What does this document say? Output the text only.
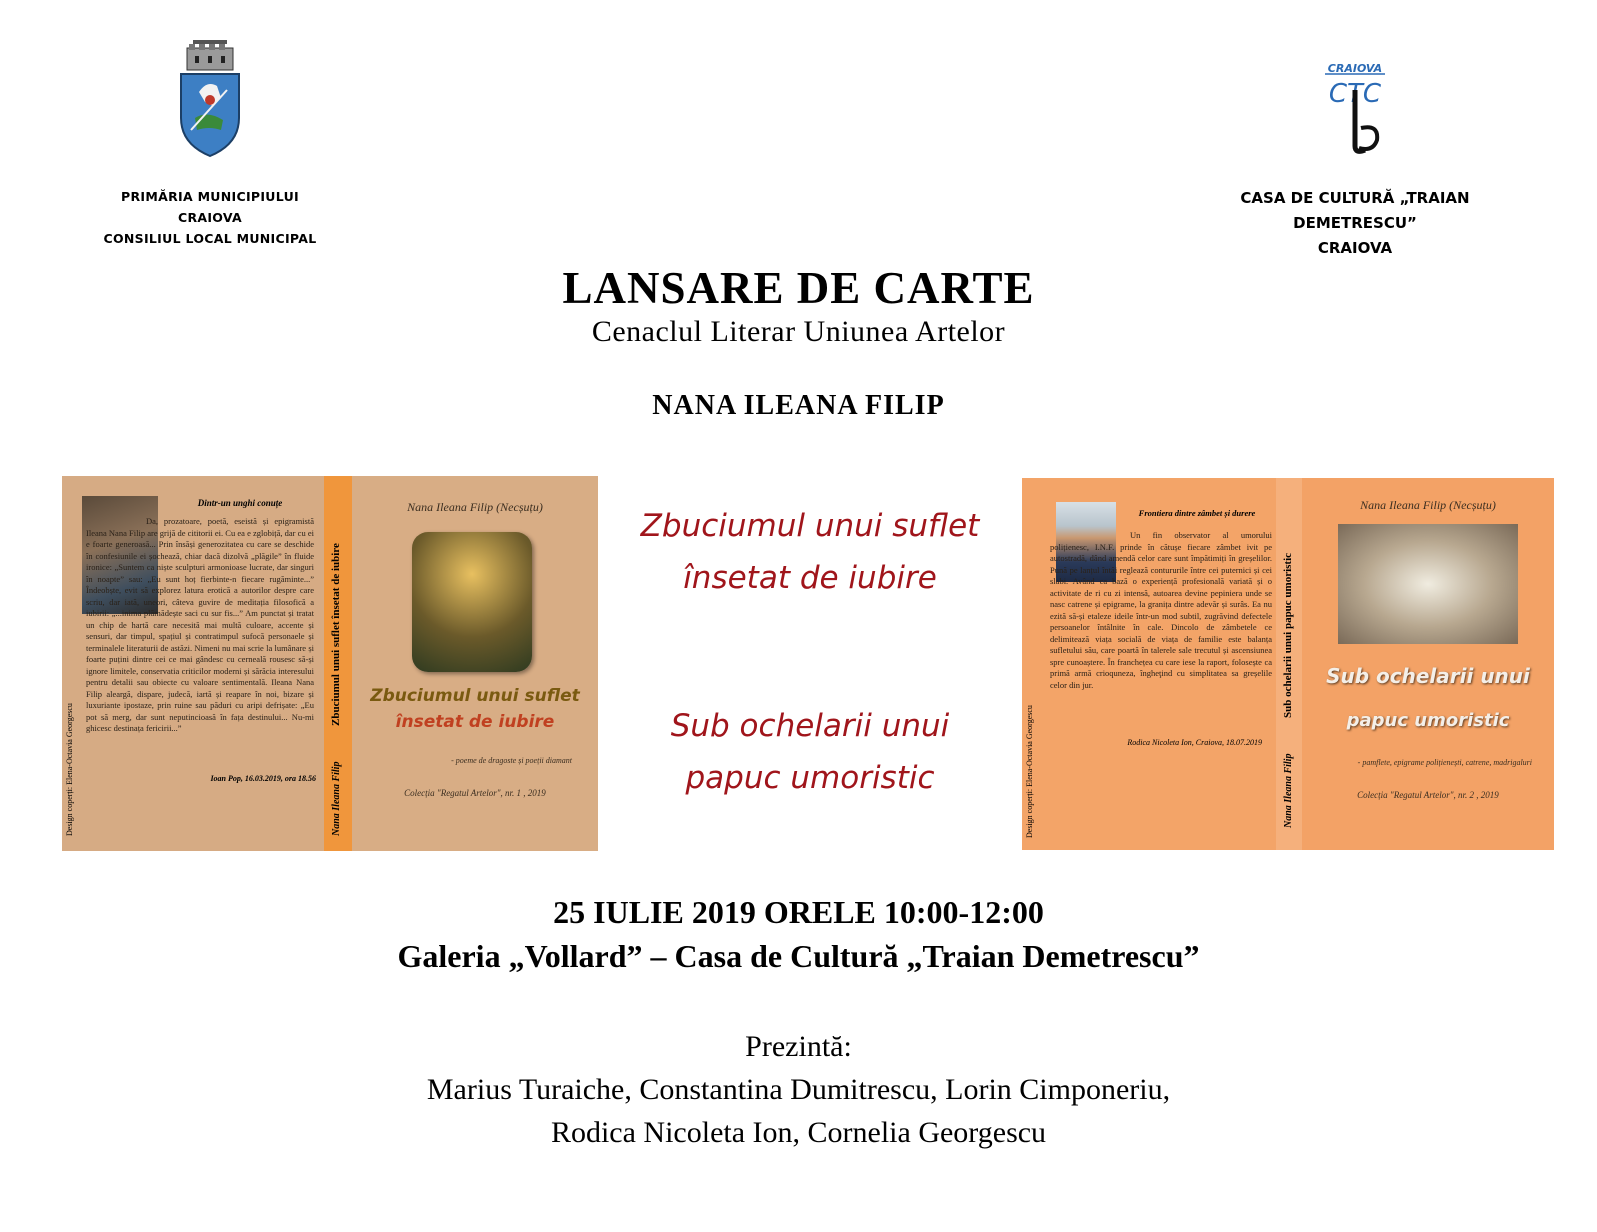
PRIMĂRIA MUNICIPIULUI CRAIOVA
CONSILIUL LOCAL MUNICIPAL
CRAIOVA
CTC
CASA DE CULTURĂ „TRAIAN
DEMETRESCU”
CRAIOVA
LANSARE DE CARTE
Cenaclul Literar Uniunea Artelor
NANA ILEANA FILIP
Dintr-un unghi conuțe
Da, prozatoare, poetă, eseistă și epigramistă Ileana Nana Filip are grijă de cititorii ei. Cu ea e zglobiță, dar cu ei e foarte generoasă... Prin însăși generozitatea cu care se deschide în confesiunile ei șochează, chiar dacă dizolvă „plăgile” în fluide ironice: „Suntem ca niște sculpturi armonioase lucrate, dar singuri în noapte” sau: „Eu sunt hoț fierbinte-n fiecare rugăminte...” Îndeobște, evit să explorez latura erotică a autorilor despre care scriu, dar iată, uneori, câteva guvire de meditația filosofică a iubirii: „...inima plămădește saci cu sur fis...” Am punctat și tratat un chip de hartă care necesită mai multă culoare, accente și sensuri, dar timpul, spațiul și contratimpul sufocă personaele și terminalele literaturii de astăzi. Nimeni nu mai scrie la lumânare și foarte puțini dintre cei ce mai gândesc cu cerneală rousesc să-și ignore limitele, conservatia criticilor moderni și sărăcia interesului pentru detalii sau obiecte cu valoare sentimentală. Ileana Nana Filip aleargă, dispare, judecă, iartă și reapare în noi, bizare și luxuriante ipostaze, prin ruine sau păduri cu aripi defrișate: „Eu pot să merg, dar sunt neputincioasă în fața destinului... Nu-mi ghicesc destinața fericirii...”
Ioan Pop, 16.03.2019, ora 18.56
Design coperți: Elena-Octavia Georgescu
Zbuciumul unui suflet însetat de iubire
Nana Ileana Filip
Nana Ileana Filip (Necșuțu)
Zbuciumul unui suflet
însetat de iubire
- poeme de dragoste și poeții diamant
Colecția "Regatul Artelor", nr. 1 , 2019
Zbuciumul unui suflet
însetat de iubire
Sub ochelarii unui
papuc umoristic
Frontiera dintre zâmbet și durere
Un fin observator al umorului polițienesc, I.N.F. prinde în cătușe fiecare zâmbet ivit pe autostradă, dând amendă celor care sunt împătimiți în greșelilor. Pună pe lanțul întâi reglează contururile între cei puternici și cei slabi. Având ca bază o experiență profesională variată și o activitate de ri cu zi intensă, autoarea devine pepiniera unde se nasc catrene și epigrame, la granița dintre adevăr și surâs. Ea nu ezită să-și etaleze ideile într-un mod subtil, zugrăvind defectele persoanelor întâlnite în cale. Dincolo de zâmbetele ce delimitează viața socială de viața de familie este balanța sufletului său, care poartă în talerele sale trecutul și ascensiunea spre cunoaștere. În franchețea cu care iese la raport, folosește ca primă armă crioquneza, îngheţind cu simplitatea sa greșelile celor din jur.
Rodica Nicoleta Ion, Craiova, 18.07.2019
Design coperți: Elena-Octavia Georgescu
Sub ochelarii unui papuc umoristic
Nana Ileana Filip
Nana Ileana Filip (Necșuțu)
Sub ochelarii unui
papuc umoristic
- pamflete, epigrame polițienești, catrene, madrigaluri
Colecția "Regatul Artelor", nr. 2 , 2019
25 IULIE 2019 ORELE 10:00-12:00
Galeria „Vollard” – Casa de Cultură „Traian Demetrescu”
Prezintă:
Marius Turaiche, Constantina Dumitrescu, Lorin Cimponeriu,
Rodica Nicoleta Ion, Cornelia Georgescu
